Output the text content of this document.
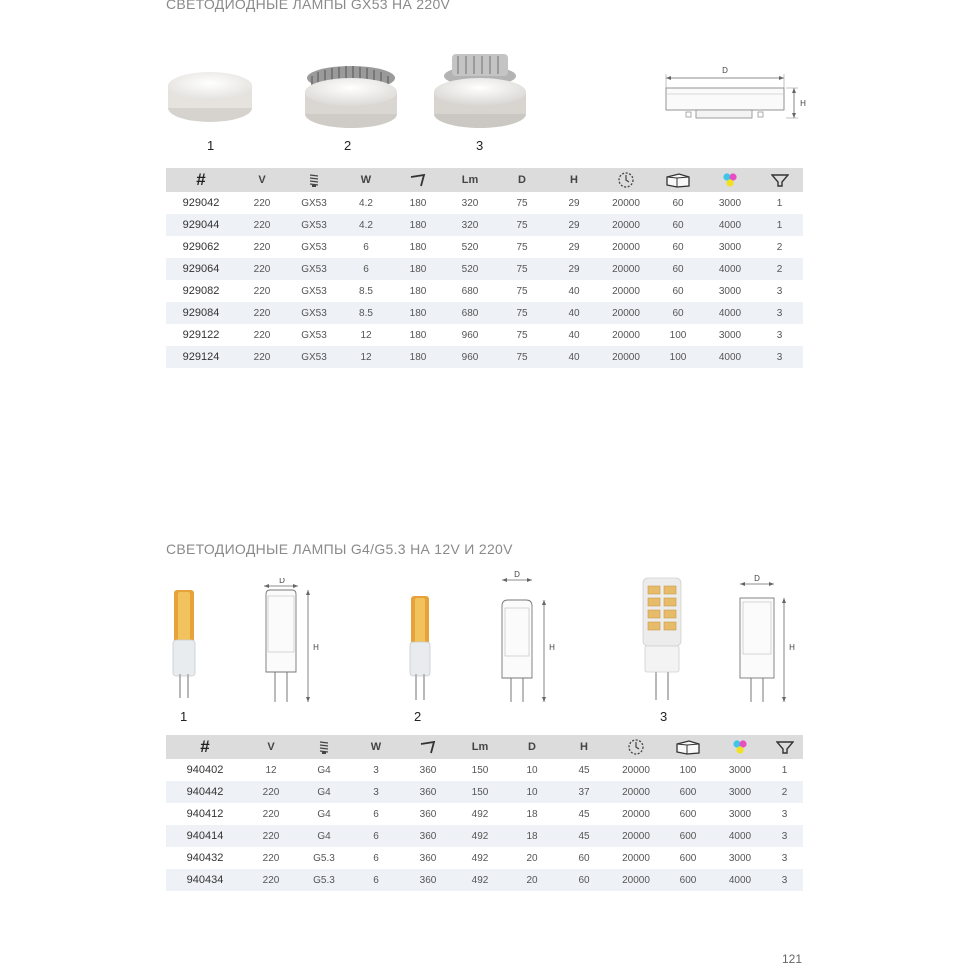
СВЕТОДИОДНЫЕ ЛАМПЫ GX53 НА 220V
1	2	3
D
H
#	V		W		Lm	D	H	

929042	220	GX53	4.2	180	320	75	29	20000	60	3000	1
929044	220	GX53	4.2	180	320	75	29	20000	60	4000	1
929062	220	GX53	6	180	520	75	29	20000	60	3000	2
929064	220	GX53	6	180	520	75	29	20000	60	4000	2
929082	220	GX53	8.5	180	680	75	40	20000	60	3000	3
929084	220	GX53	8.5	180	680	75	40	20000	60	4000	3
929122	220	GX53	12	180	960	75	40	20000	100	3000	3
929124	220	GX53	12	180	960	75	40	20000	100	4000	3
СВЕТОДИОДНЫЕ ЛАМПЫ G4/G5.3 НА 12V И 220V
1
D
H
2
D
H
3
D
H
#	V		W		Lm	D	H	

940402	12	G4	3	360	150	10	45	20000	100	3000	1
940442	220	G4	3	360	150	10	37	20000	600	3000	2
940412	220	G4	6	360	492	18	45	20000	600	3000	3
940414	220	G4	6	360	492	18	45	20000	600	4000	3
940432	220	G5.3	6	360	492	20	60	20000	600	3000	3
940434	220	G5.3	6	360	492	20	60	20000	600	4000	3
121
